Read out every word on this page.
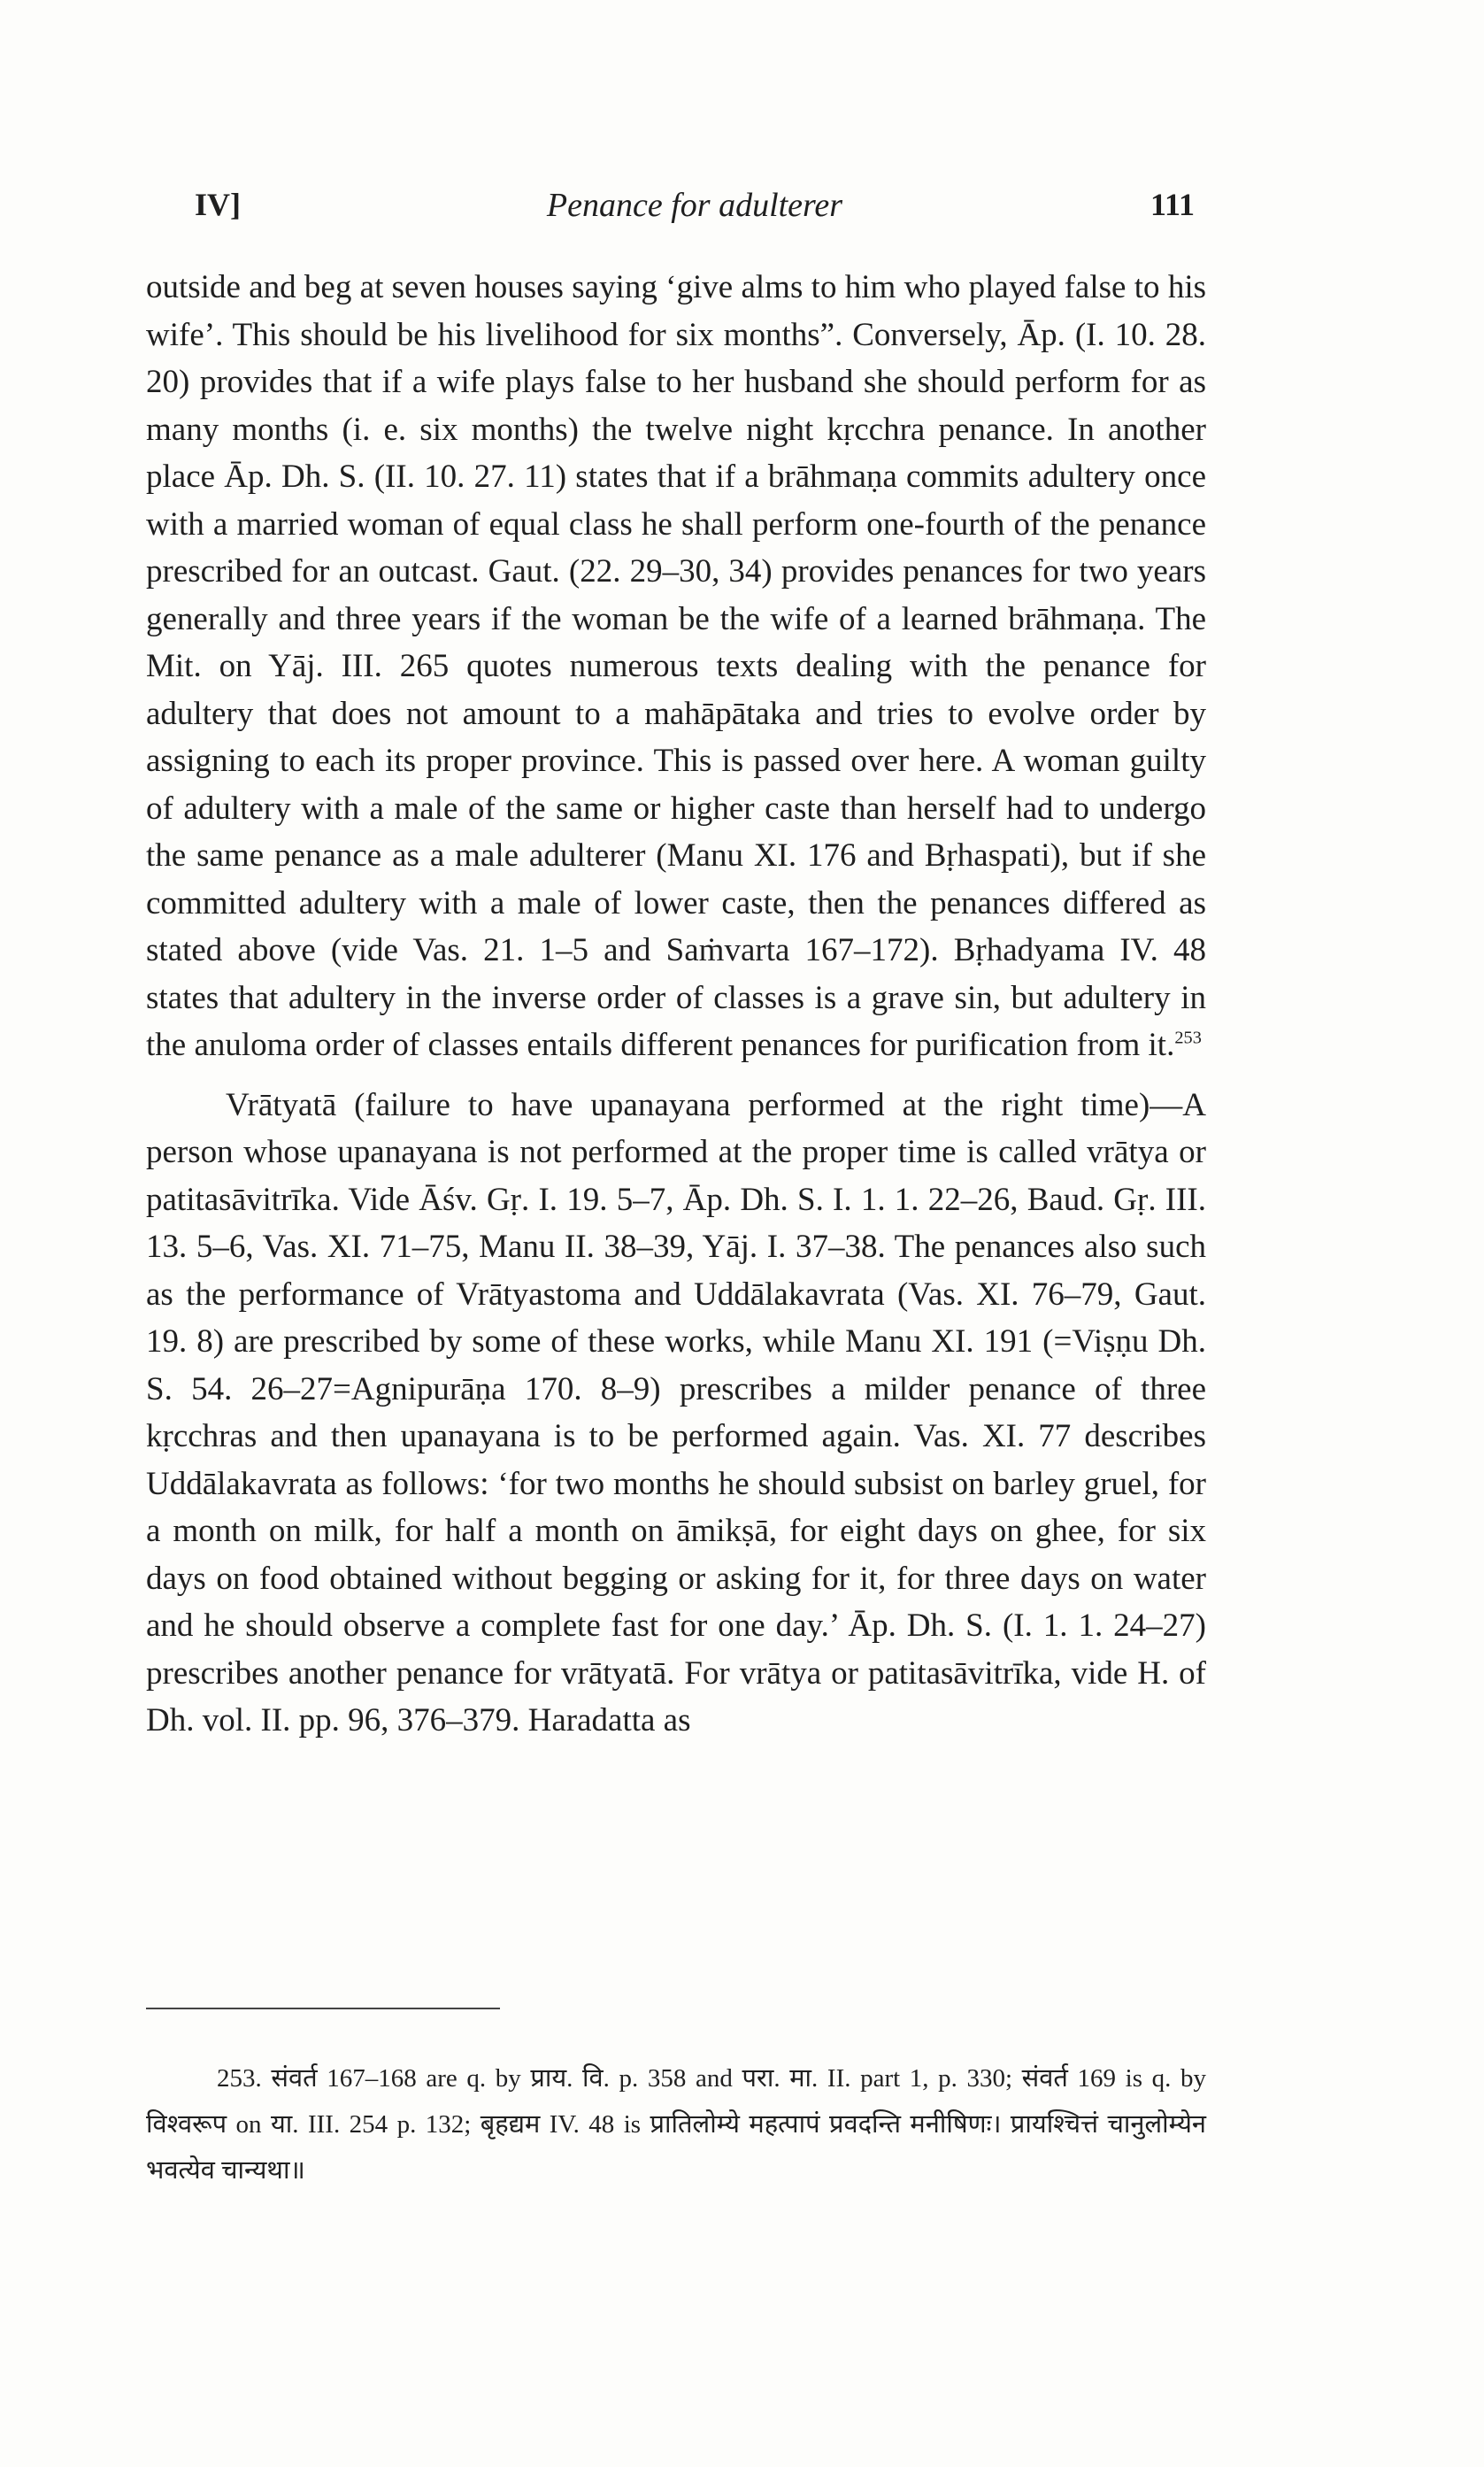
IV]	Penance for adulterer	111

outside and beg at seven houses saying ‘give alms to him who played false to his wife’. This should be his livelihood for six months”. Conversely, Āp. (I. 10. 28. 20) provides that if a wife plays false to her husband she should perform for as many months (i. e. six months) the twelve night kṛcchra penance. In another place Āp. Dh. S. (II. 10. 27. 11) states that if a brāhmaṇa commits adultery once with a married woman of equal class he shall perform one-fourth of the penance prescribed for an outcast. Gaut. (22. 29–30, 34) provides penances for two years generally and three years if the woman be the wife of a learned brāhmaṇa. The Mit. on Yāj. III. 265 quotes numerous texts dealing with the penance for adultery that does not amount to a mahāpātaka and tries to evolve order by assigning to each its proper province. This is passed over here. A woman guilty of adultery with a male of the same or higher caste than herself had to undergo the same penance as a male adulterer (Manu XI. 176 and Bṛhaspati), but if she committed adultery with a male of lower caste, then the penances differed as stated above (vide Vas. 21. 1–5 and Saṁvarta 167–172). Bṛhadyama IV. 48 states that adultery in the inverse order of classes is a grave sin, but adultery in the anuloma order of classes entails different penances for purification from it.$^{253}$

Vrātyatā (failure to have upanayana performed at the right time)—A person whose upanayana is not performed at the proper time is called vrātya or patitasāvitrīka. Vide Āśv. Gṛ. I. 19. 5–7, Āp. Dh. S. I. 1. 1. 22–26, Baud. Gṛ. III. 13. 5–6, Vas. XI. 71–75, Manu II. 38–39, Yāj. I. 37–38. The penances also such as the performance of Vrātyastoma and Uddālakavrata (Vas. XI. 76–79, Gaut. 19. 8) are prescribed by some of these works, while Manu XI. 191 (=Viṣṇu Dh. S. 54. 26–27=Agnipurāṇa 170. 8–9) prescribes a milder penance of three kṛcchras and then upanayana is to be performed again. Vas. XI. 77 describes Uddālakavrata as follows: ‘for two months he should subsist on barley gruel, for a month on milk, for half a month on āmikṣā, for eight days on ghee, for six days on food obtained without begging or asking for it, for three days on water and he should observe a complete fast for one day.’ Āp. Dh. S. (I. 1. 1. 24–27) prescribes another penance for vrātyatā. For vrātya or patitasāvitrīka, vide H. of Dh. vol. II. pp. 96, 376–379. Haradatta as

253. संवर्त 167–168 are q. by प्राय. वि. p. 358 and परा. मा. II. part 1, p. 330; संवर्त 169 is q. by विश्वरूप on या. III. 254 p. 132; बृहद्यम IV. 48 is प्रातिलोम्ये महत्पापं प्रवदन्ति मनीषिणः। प्रायश्चित्तं चानुलोम्येन भवत्येव चान्यथा॥
